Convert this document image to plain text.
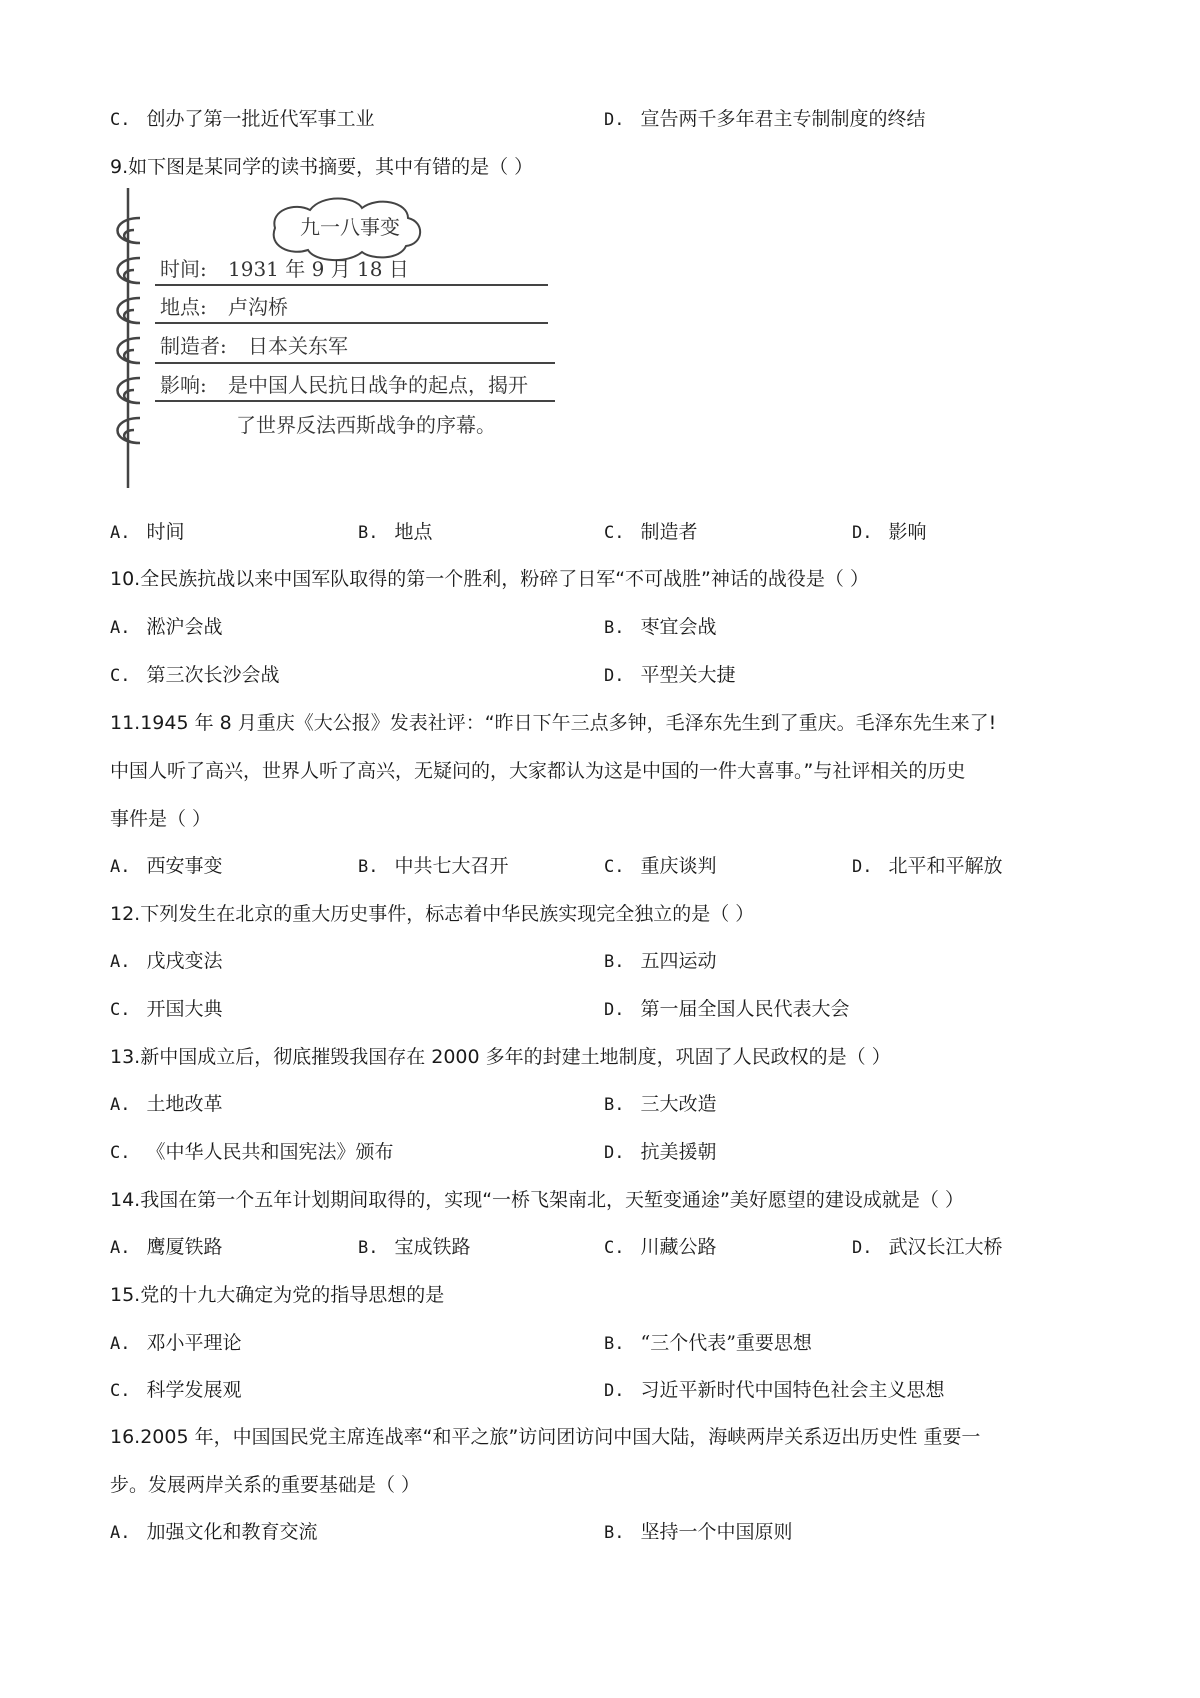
C. 创办了第一批近代军事工业	D. 宣告两千多年君主专制制度的终结
9.如下图是某同学的读书摘要，其中有错的是（ ）
九一八事变
时间: 1931 年 9 月 18 日
地点: 卢沟桥
制造者: 日本关东军
影响: 是中国人民抗日战争的起点，揭开
了世界反法西斯战争的序幕。
A. 时间	B. 地点	C. 制造者	D. 影响
10.全民族抗战以来中国军队取得的第一个胜利，粉碎了日军“不可战胜”神话的战役是（ ）
A. 淞沪会战	B. 枣宜会战
C. 第三次长沙会战	D. 平型关大捷
11.1945 年 8 月重庆《大公报》发表社评：“昨日下午三点多钟，毛泽东先生到了重庆。毛泽东先生来了!
中国人听了高兴，世界人听了高兴，无疑问的，大家都认为这是中国的一件大喜事。”与社评相关的历史
事件是（ ）
A. 西安事变	B. 中共七大召开	C. 重庆谈判	D. 北平和平解放
12.下列发生在北京的重大历史事件，标志着中华民族实现完全独立的是（ ）
A. 戊戌变法	B. 五四运动
C. 开国大典	D. 第一届全国人民代表大会
13.新中国成立后，彻底摧毁我国存在 2000 多年的封建土地制度，巩固了人民政权的是（ ）
A. 土地改革	B. 三大改造
C. 《中华人民共和国宪法》颁布	D. 抗美援朝
14.我国在第一个五年计划期间取得的，实现“一桥飞架南北，天堑变通途”美好愿望的建设成就是（ ）
A. 鹰厦铁路	B. 宝成铁路	C. 川藏公路	D. 武汉长江大桥
15.党的十九大确定为党的指导思想的是
A. 邓小平理论	B. “三个代表”重要思想
C. 科学发展观	D. 习近平新时代中国特色社会主义思想
16.2005 年，中国国民党主席连战率“和平之旅”访问团访问中国大陆，海峡两岸关系迈出历史性 重要一
步。发展两岸关系的重要基础是（ ）
A. 加强文化和教育交流	B. 坚持一个中国原则
